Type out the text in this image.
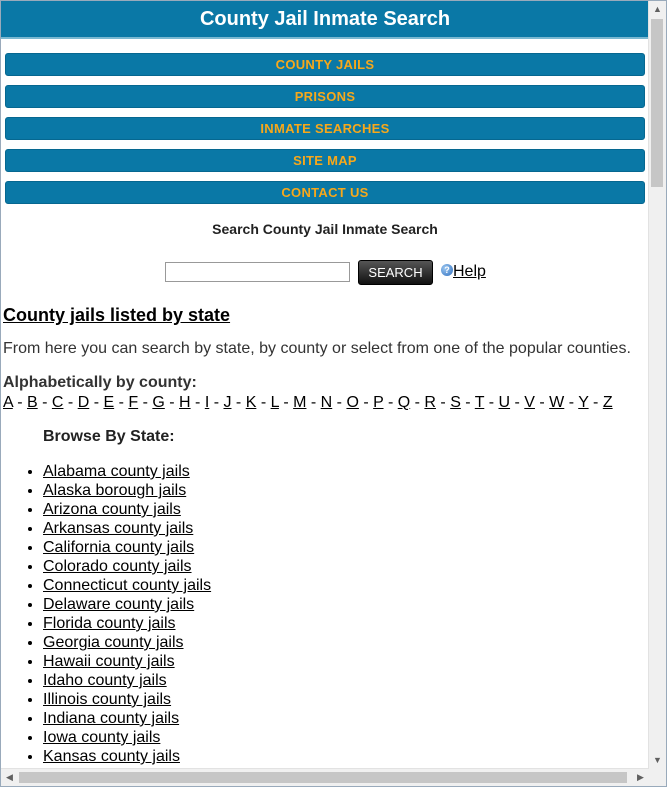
County Jail Inmate Search
COUNTY JAILS
PRISONS
INMATE SEARCHES
SITE MAP
CONTACT US
Search County Jail Inmate Search
SEARCH	? Help
County jails listed by state
From here you can search by state, by county or select from one of the popular counties.
Alphabetically by county:
A - B - C - D - E - F - G - H - I - J - K - L - M - N - O - P - Q - R - S - T - U - V - W - Y - Z
Browse By State:
• Alabama county jails
• Alaska borough jails
• Arizona county jails
• Arkansas county jails
• California county jails
• Colorado county jails
• Connecticut county jails
• Delaware county jails
• Florida county jails
• Georgia county jails
• Hawaii county jails
• Idaho county jails
• Illinois county jails
• Indiana county jails
• Iowa county jails
• Kansas county jails
•
▲
▼
◀	▶
